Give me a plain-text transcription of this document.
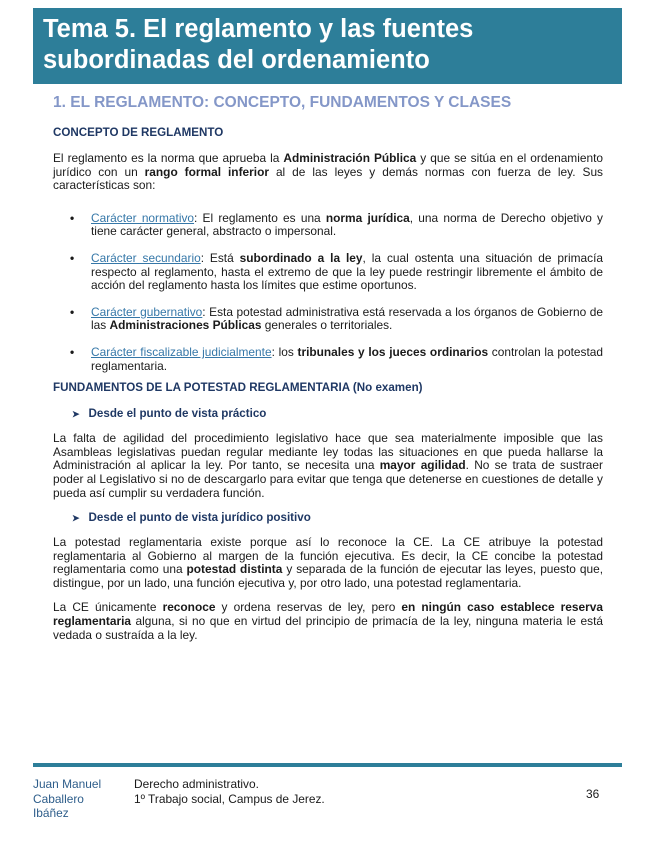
Tema 5. El reglamento y las fuentes
subordinadas del ordenamiento
1. EL REGLAMENTO: CONCEPTO, FUNDAMENTOS Y CLASES
CONCEPTO DE REGLAMENTO

El reglamento es la norma que aprueba la Administración Pública y que se sitúa en el ordenamiento jurídico con un rango formal inferior al de las leyes y demás normas con fuerza de ley. Sus características son:

• Carácter normativo: El reglamento es una norma jurídica, una norma de Derecho objetivo y tiene carácter general, abstracto o impersonal.
• Carácter secundario: Está subordinado a la ley, la cual ostenta una situación de primacía respecto al reglamento, hasta el extremo de que la ley puede restringir libremente el ámbito de acción del reglamento hasta los límites que estime oportunos.
• Carácter gubernativo: Esta potestad administrativa está reservada a los órganos de Gobierno de las Administraciones Públicas generales o territoriales.
• Carácter fiscalizable judicialmente: los tribunales y los jueces ordinarios controlan la potestad reglamentaria.
FUNDAMENTOS DE LA POTESTAD REGLAMENTARIA (No examen)
➤ Desde el punto de vista práctico

La falta de agilidad del procedimiento legislativo hace que sea materialmente imposible que las Asambleas legislativas puedan regular mediante ley todas las situaciones en que pueda hallarse la Administración al aplicar la ley. Por tanto, se necesita una mayor agilidad. No se trata de sustraer poder al Legislativo si no de descargarlo para evitar que tenga que detenerse en cuestiones de detalle y pueda así cumplir su verdadera función.

➤ Desde el punto de vista jurídico positivo

La potestad reglamentaria existe porque así lo reconoce la CE. La CE atribuye la potestad reglamentaria al Gobierno al margen de la función ejecutiva. Es decir, la CE concibe la potestad reglamentaria como una potestad distinta y separada de la función de ejecutar las leyes, puesto que, distingue, por un lado, una función ejecutiva y, por otro lado, una potestad reglamentaria.

La CE únicamente reconoce y ordena reservas de ley, pero en ningún caso establece reserva reglamentaria alguna, si no que en virtud del principio de primacía de la ley, ninguna materia le está vedada o sustraída a la ley.

Juan Manuel
Caballero
Ibáñez
Derecho administrativo.
1º Trabajo social, Campus de Jerez.	36
